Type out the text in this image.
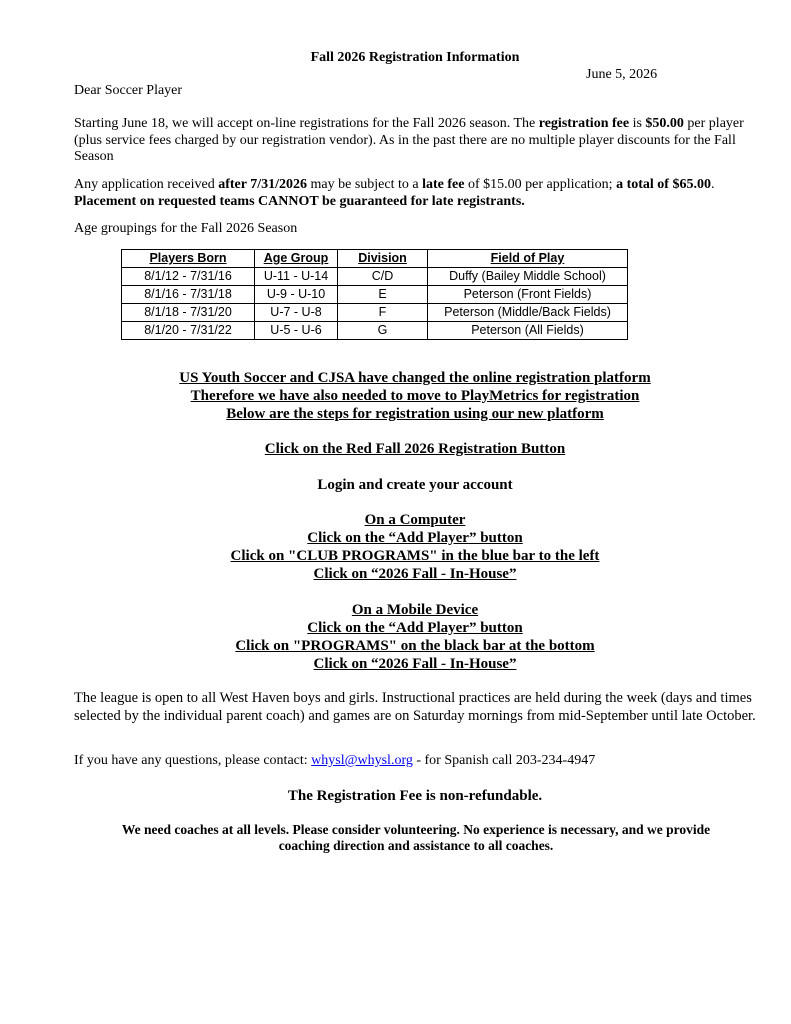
Fall 2026 Registration Information
June 5, 2026
Dear Soccer Player
Starting June 18, we will accept on-line registrations for the Fall 2026 season. The registration fee is $50.00 per player (plus service fees charged by our registration vendor). As in the past there are no multiple player discounts for the Fall Season
Any application received after 7/31/2026 may be subject to a late fee of $15.00 per application; a total of $65.00.
Placement on requested teams CANNOT be guaranteed for late registrants.
Age groupings for the Fall 2026 Season
Players Born	Age Group	Division	Field of Play
8/1/12 - 7/31/16	U-11 - U-14	C/D	Duffy (Bailey Middle School)
8/1/16 - 7/31/18	U-9 - U-10	E	Peterson (Front Fields)
8/1/18 - 7/31/20	U-7 - U-8	F	Peterson (Middle/Back Fields)
8/1/20 - 7/31/22	U-5 - U-6	G	Peterson (All Fields)
US Youth Soccer and CJSA have changed the online registration platform
Therefore we have also needed to move to PlayMetrics for registration
Below are the steps for registration using our new platform
Click on the Red Fall 2026 Registration Button
Login and create your account
On a Computer
Click on the “Add Player” button
Click on "CLUB PROGRAMS" in the blue bar to the left
Click on “2026 Fall - In-House”
On a Mobile Device
Click on the “Add Player” button
Click on "PROGRAMS" on the black bar at the bottom
Click on “2026 Fall - In-House”
The league is open to all West Haven boys and girls. Instructional practices are held during the week (days and times selected by the individual parent coach) and games are on Saturday mornings from mid-September until late October.
If you have any questions, please contact: whysl@whysl.org - for Spanish call 203-234-4947
The Registration Fee is non-refundable.
We need coaches at all levels. Please consider volunteering. No experience is necessary, and we provide coaching direction and assistance to all coaches.
